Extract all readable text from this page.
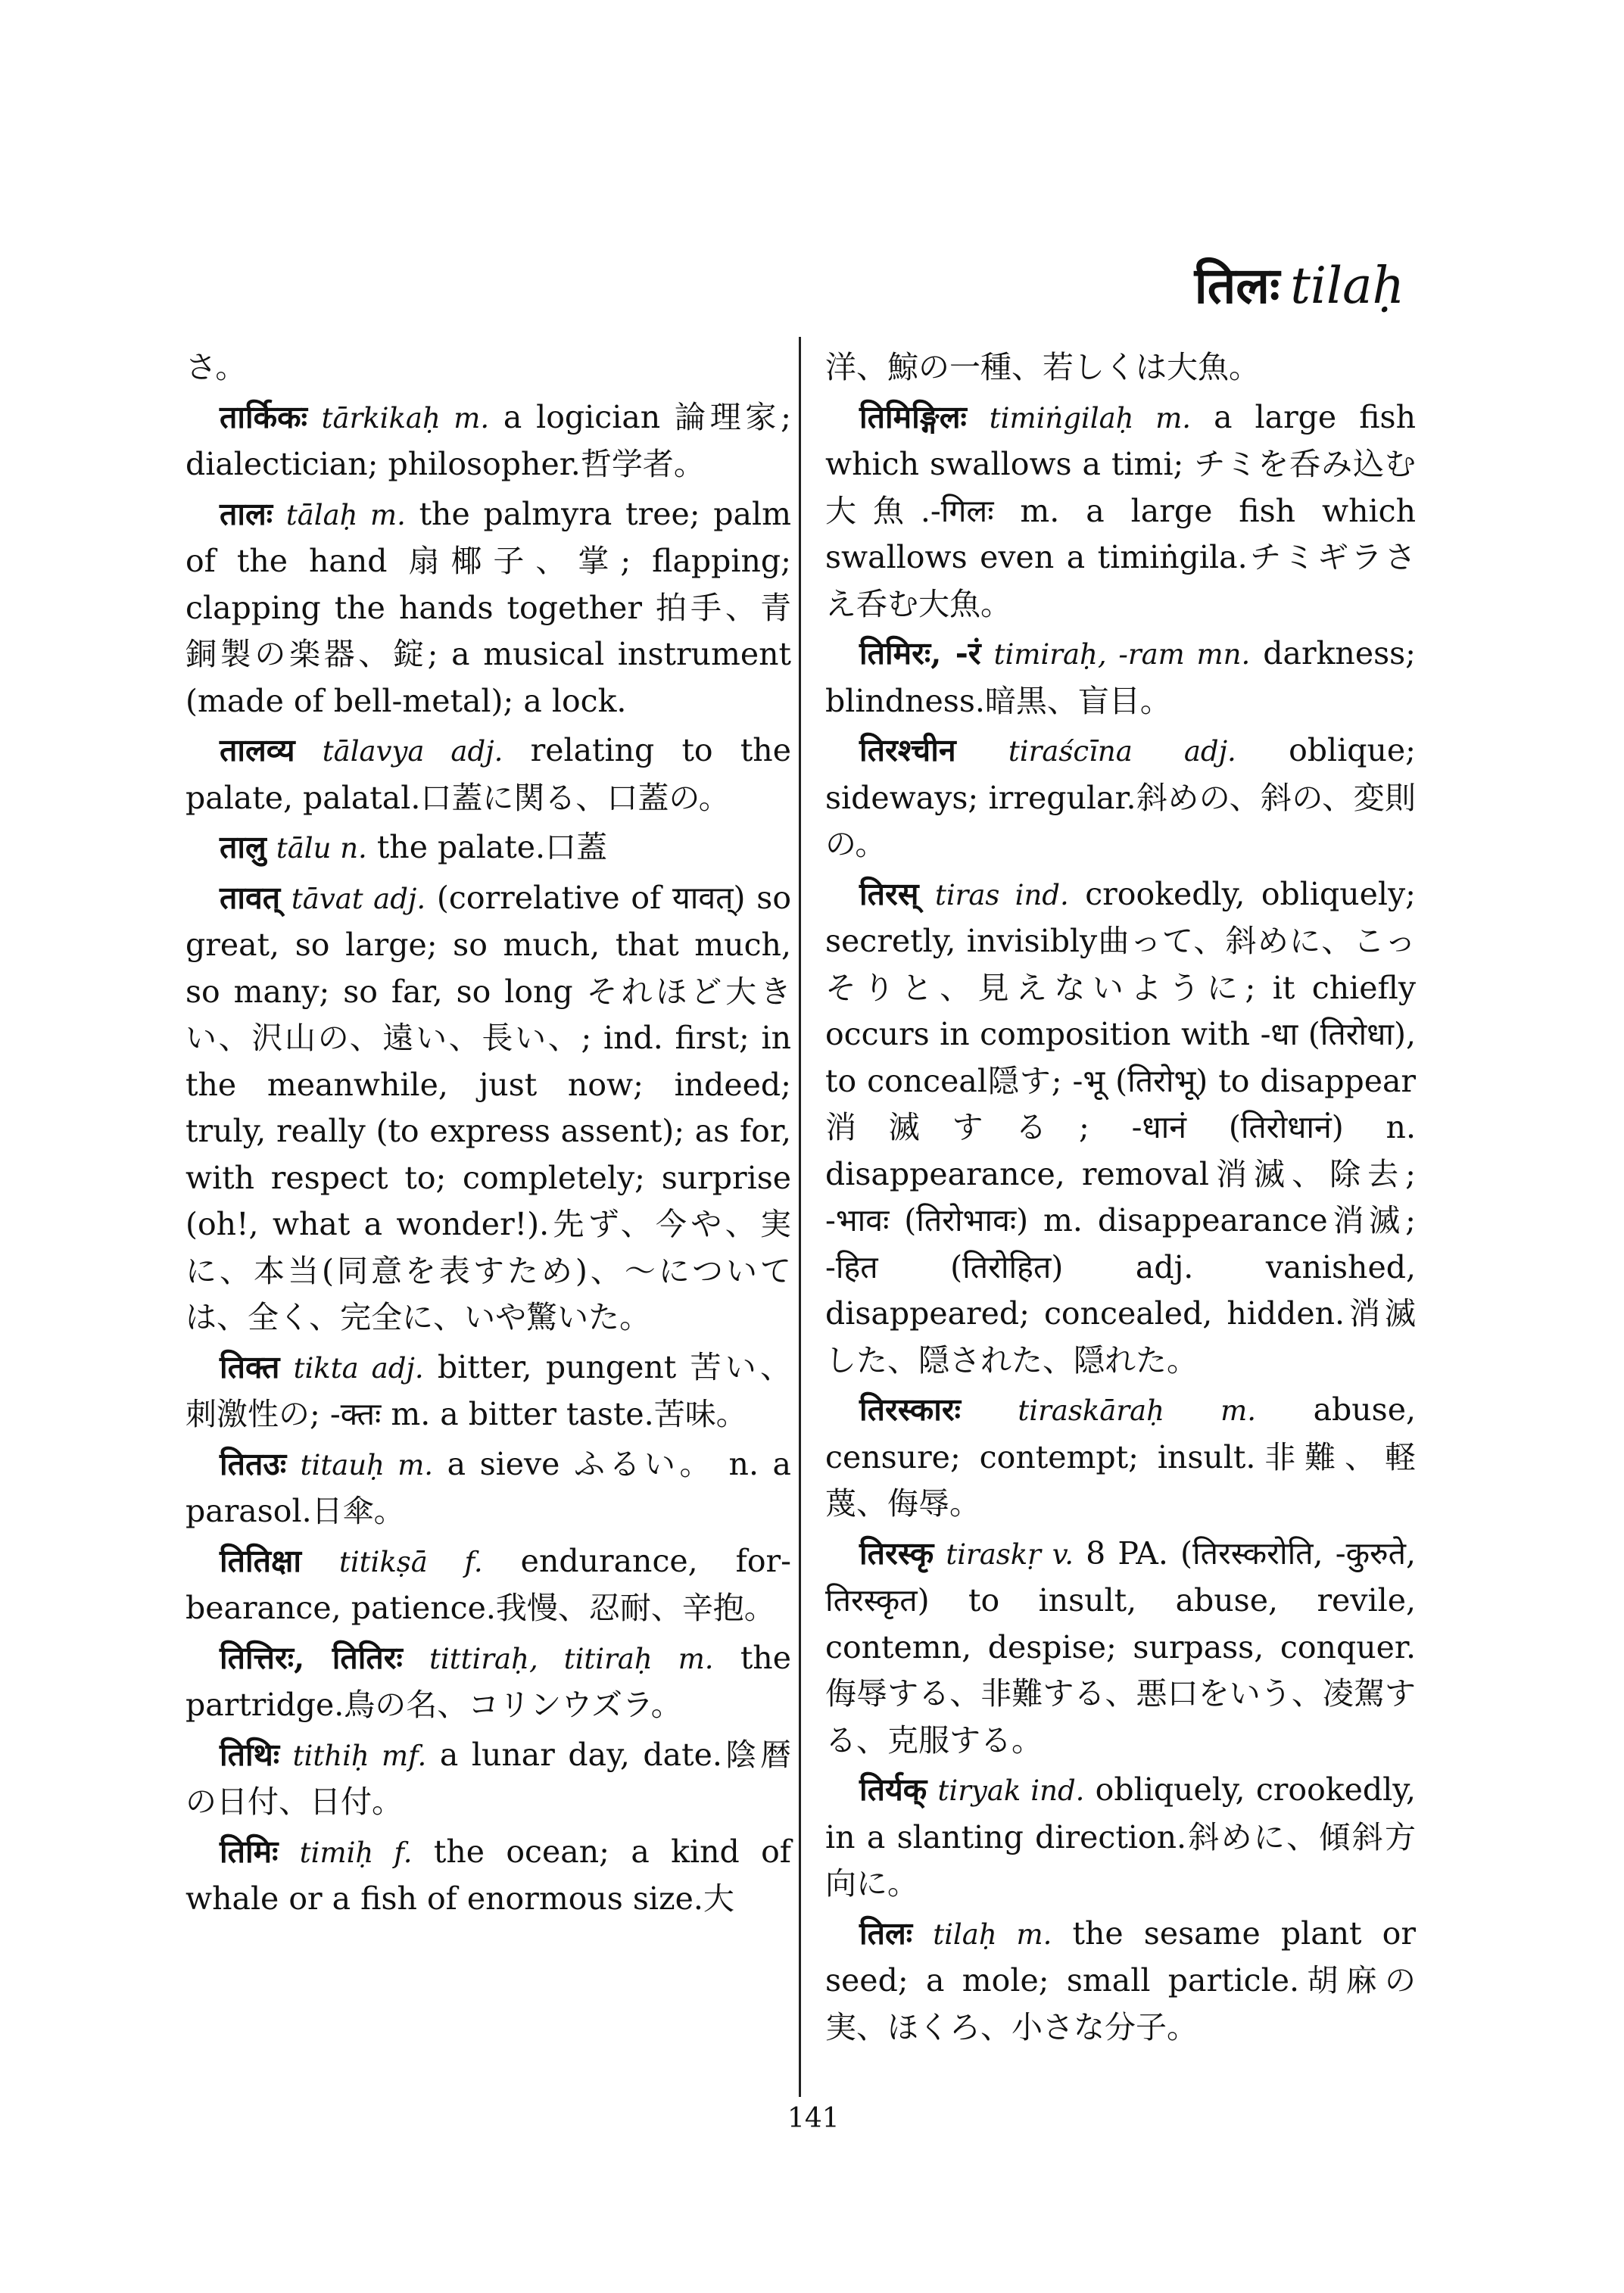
तिलः tilaḥ

さ。

तार्किकः tārkikaḥ m. a logician 論理家; dialectician; philosopher.哲学者。

तालः tālaḥ m. the palmyra tree; palm of the hand 扇椰子、掌; flapping; clapping the hands together 拍手、青銅製の楽器、錠; a musical instrument (made of bell-metal); a lock.

तालव्य tālavya adj. relating to the palate, palatal.口蓋に関る、口蓋の。

तालु tālu n. the palate.口蓋

तावत् tāvat adj. (correlative of यावत्) so great, so large; so much, that much, so many; so far, so long それほど大きい、沢山の、遠い、長い、; ind. first; in the meanwhile, just now; indeed; truly, really (to express assent); as for, with respect to; completely; surprise (oh!, what a wonder!).先ず、今や、実に、本当(同意を表すため)、〜については、全く、完全に、いや驚いた。

तिक्त tikta adj. bitter, pungent 苦い、刺激性の; -क्तः m. a bitter taste.苦味。

तितउः titauḥ m. a sieve ふるい。 n. a parasol.日傘。

तितिक्षा titikṣā f. endurance, for- bearance, patience.我慢、忍耐、辛抱。

तित्तिरः, तितिरः tittiraḥ, titiraḥ m. the partridge.鳥の名、コリンウズラ。

तिथिः tithiḥ mf. a lunar day, date.陰暦の日付、日付。

तिमिः timiḥ f. the ocean; a kind of whale or a fish of enormous size.大

洋、鯨の一種、若しくは大魚。

तिमिङ्गिलः timiṅgilaḥ m. a large fish which swallows a timi; チミを呑み込む大魚.-गिलः m. a large fish which swallows even a timiṅgila.チミギラさえ呑む大魚。

तिमिरः, -रं timiraḥ, -ram mn. darkness; blindness.暗黒、盲目。

तिरश्चीन tiraścīna adj. oblique; sideways; irregular.斜めの、斜の、変則の。

तिरस् tiras ind. crookedly, obliquely; secretly, invisibly曲って、斜めに、こっそりと、見えないように; it chiefly occurs in composition with -धा (तिरोधा), to conceal隠す; -भू (तिरोभू) to disappear消滅する; -धानं (तिरोधानं) n. disappearance, removal消滅、除去; -भावः (तिरोभावः) m. disappearance消滅; -हित (तिरोहित) adj. vanished, disappeared; concealed, hidden.消滅した、隠された、隠れた。

तिरस्कारः tiraskāraḥ m. abuse, censure; contempt; insult.非難、軽蔑、侮辱。

तिरस्कृ tiraskṛ v. 8 PA. (तिरस्करोति, -कुरुते, तिरस्कृत) to insult, abuse, revile, contemn, despise; surpass, conquer.侮辱する、非難する、悪口をいう、凌駕する、克服する。

तिर्यक् tiryak ind. obliquely, crookedly, in a slanting direction.斜めに、傾斜方向に。

तिलः tilaḥ m. the sesame plant or seed; a mole; small particle.胡麻の実、ほくろ、小さな分子。

141
